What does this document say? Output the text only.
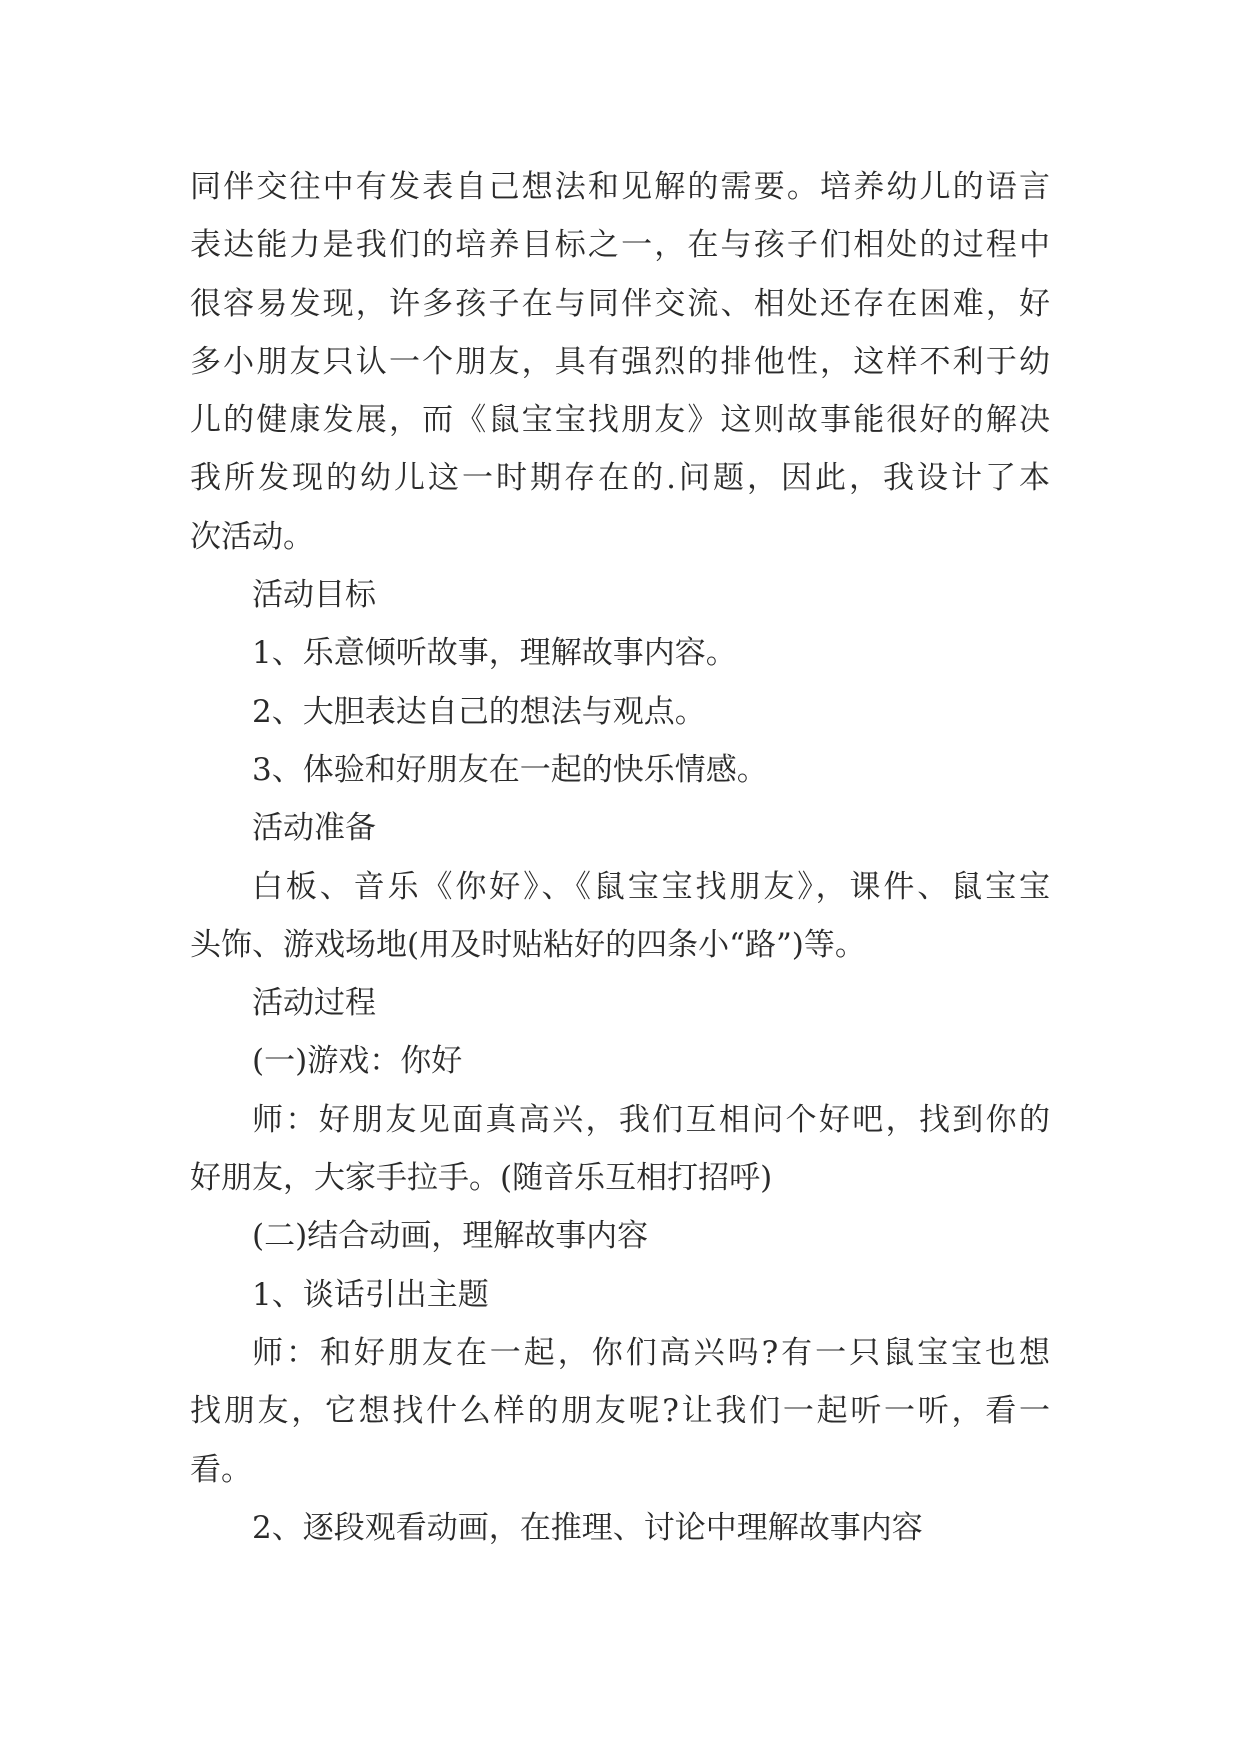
同伴交往中有发表自己想法和见解的需要。培养幼儿的语言
表达能力是我们的培养目标之一，在与孩子们相处的过程中
很容易发现，许多孩子在与同伴交流、相处还存在困难，好
多小朋友只认一个朋友，具有强烈的排他性，这样不利于幼
儿的健康发展，而《鼠宝宝找朋友》这则故事能很好的解决
我所发现的幼儿这一时期存在的.问题，因此，我设计了本
次活动。
活动目标
1、乐意倾听故事，理解故事内容。
2、大胆表达自己的想法与观点。
3、体验和好朋友在一起的快乐情感。
活动准备
白板、音乐《你好》、《鼠宝宝找朋友》，课件、鼠宝宝
头饰、游戏场地(用及时贴粘好的四条小“路”)等。
活动过程
(一)游戏：你好
师：好朋友见面真高兴，我们互相问个好吧，找到你的
好朋友，大家手拉手。(随音乐互相打招呼)
(二)结合动画，理解故事内容
1、谈话引出主题
师：和好朋友在一起，你们高兴吗?有一只鼠宝宝也想
找朋友，它想找什么样的朋友呢?让我们一起听一听，看一
看。
2、逐段观看动画，在推理、讨论中理解故事内容
